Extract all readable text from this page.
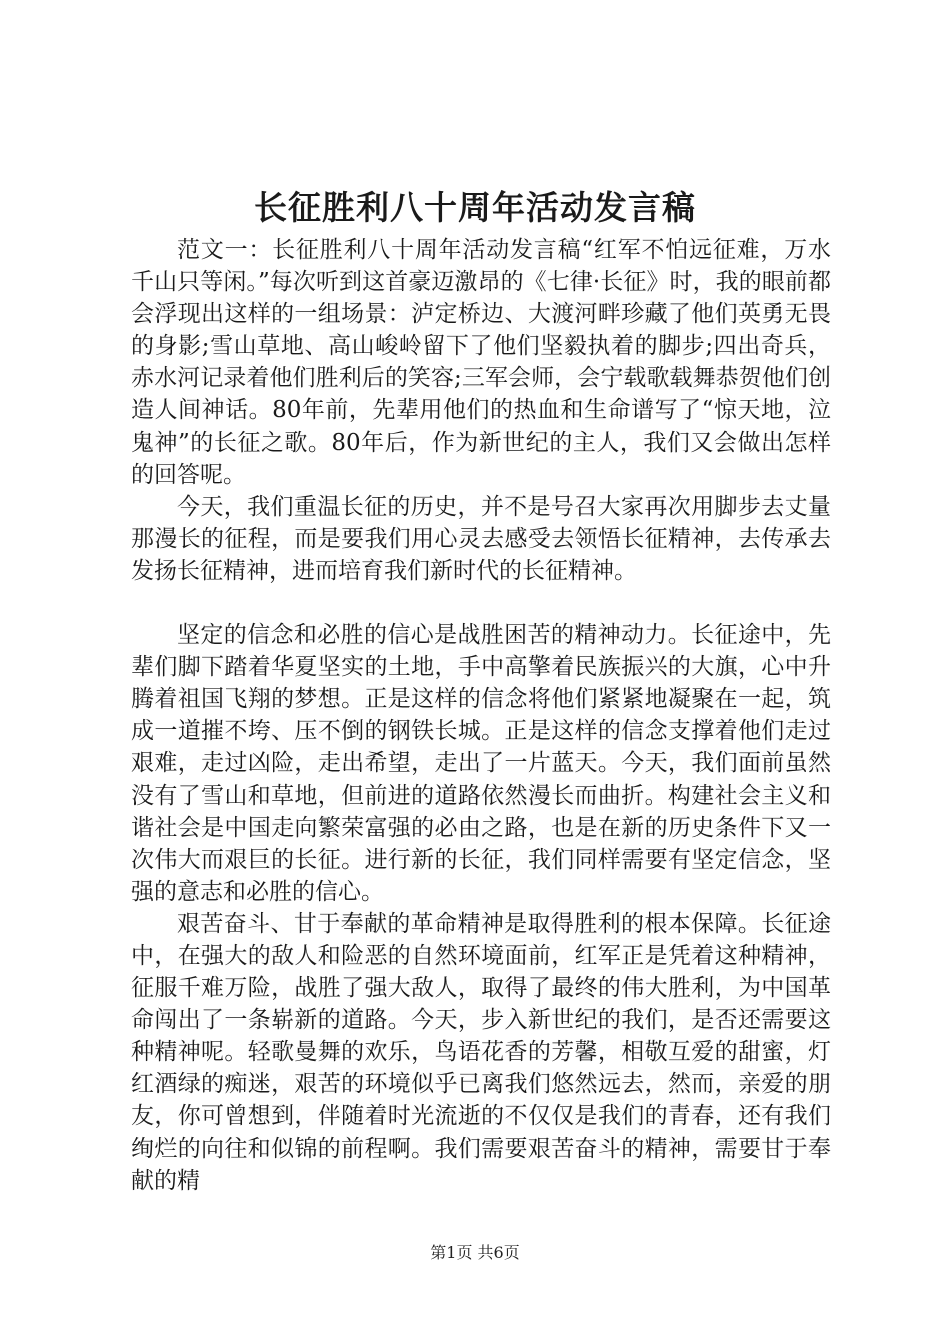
长征胜利八十周年活动发言稿

范文一：长征胜利八十周年活动发言稿“红军不怕远征难，万水千山只等闲。”每次听到这首豪迈激昂的《七律·长征》时，我的眼前都会浮现出这样的一组场景：泸定桥边、大渡河畔珍藏了他们英勇无畏的身影;雪山草地、高山峻岭留下了他们坚毅执着的脚步;四出奇兵，赤水河记录着他们胜利后的笑容;三军会师，会宁载歌载舞恭贺他们创造人间神话。80年前，先辈用他们的热血和生命谱写了“惊天地，泣鬼神”的长征之歌。80年后，作为新世纪的主人，我们又会做出怎样的回答呢。

今天，我们重温长征的历史，并不是号召大家再次用脚步去丈量那漫长的征程，而是要我们用心灵去感受去领悟长征精神，去传承去发扬长征精神，进而培育我们新时代的长征精神。

坚定的信念和必胜的信心是战胜困苦的精神动力。长征途中，先辈们脚下踏着华夏坚实的土地，手中高擎着民族振兴的大旗，心中升腾着祖国飞翔的梦想。正是这样的信念将他们紧紧地凝聚在一起，筑成一道摧不垮、压不倒的钢铁长城。正是这样的信念支撑着他们走过艰难，走过凶险，走出希望，走出了一片蓝天。今天，我们面前虽然没有了雪山和草地，但前进的道路依然漫长而曲折。构建社会主义和谐社会是中国走向繁荣富强的必由之路，也是在新的历史条件下又一次伟大而艰巨的长征。进行新的长征，我们同样需要有坚定信念，坚强的意志和必胜的信心。

艰苦奋斗、甘于奉献的革命精神是取得胜利的根本保障。长征途中，在强大的敌人和险恶的自然环境面前，红军正是凭着这种精神，征服千难万险，战胜了强大敌人，取得了最终的伟大胜利，为中国革命闯出了一条崭新的道路。今天，步入新世纪的我们，是否还需要这种精神呢。轻歌曼舞的欢乐，鸟语花香的芳馨，相敬互爱的甜蜜，灯红酒绿的痴迷，艰苦的环境似乎已离我们悠然远去，然而，亲爱的朋友，你可曾想到，伴随着时光流逝的不仅仅是我们的青春，还有我们绚烂的向往和似锦的前程啊。我们需要艰苦奋斗的精神，需要甘于奉献的精

第1页 共6页
